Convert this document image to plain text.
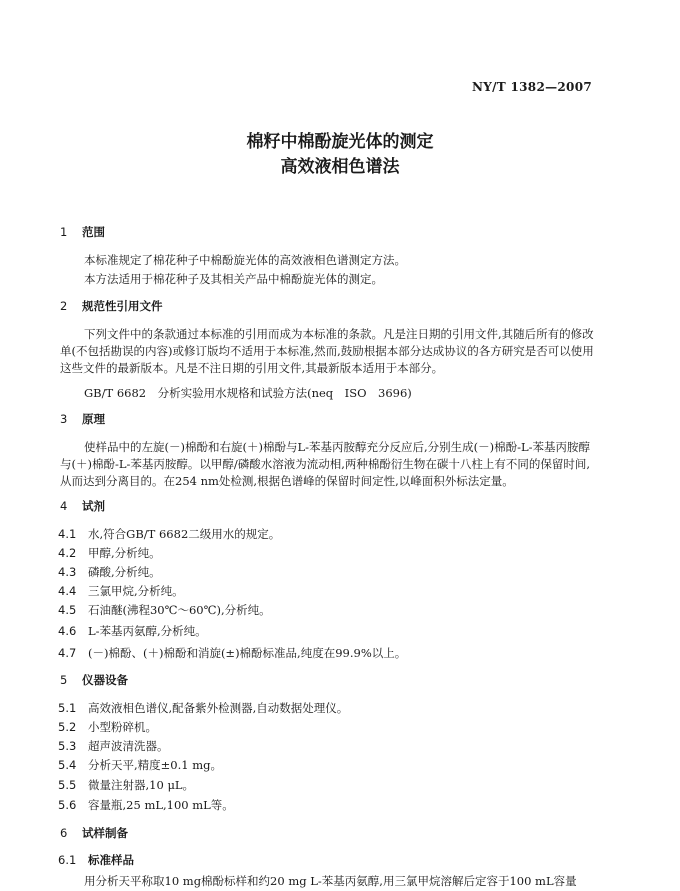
NY/T 1382—2007
棉籽中棉酚旋光体的测定
高效液相色谱法
1 范围
本标准规定了棉花种子中棉酚旋光体的高效液相色谱测定方法。
本方法适用于棉花种子及其相关产品中棉酚旋光体的测定。
2 规范性引用文件
下列文件中的条款通过本标准的引用而成为本标准的条款。凡是注日期的引用文件,其随后所有的修改单(不包括勘误的内容)或修订版均不适用于本标准,然而,鼓励根据本部分达成协议的各方研究是否可以使用这些文件的最新版本。凡是不注日期的引用文件,其最新版本适用于本部分。
GB/T 6682　分析实验用水规格和试验方法(neq　ISO　3696)
3 原理
使样品中的左旋(－)棉酚和右旋(＋)棉酚与L-苯基丙胺醇充分反应后,分别生成(－)棉酚-L-苯基丙胺醇与(＋)棉酚-L-苯基丙胺醇。以甲醇/磷酸水溶液为流动相,两种棉酚衍生物在碳十八柱上有不同的保留时间,从而达到分离目的。在254 nm处检测,根据色谱峰的保留时间定性,以峰面积外标法定量。
4 试剂
4.1 水,符合GB/T 6682二级用水的规定。
4.2 甲醇,分析纯。
4.3 磷酸,分析纯。
4.4 三氯甲烷,分析纯。
4.5 石油醚(沸程30℃～60℃),分析纯。
4.6 L-苯基丙氨醇,分析纯。
4.7 (－)棉酚、(＋)棉酚和消旋(±)棉酚标准品,纯度在99.9%以上。
5 仪器设备
5.1 高效液相色谱仪,配备紫外检测器,自动数据处理仪。
5.2 小型粉碎机。
5.3 超声波清洗器。
5.4 分析天平,精度±0.1 mg。
5.5 微量注射器,10 μL。
5.6 容量瓶,25 mL,100 mL等。
6 试样制备
6.1 标准样品
用分析天平称取10 mg棉酚标样和约20 mg L-苯基丙氨醇,用三氯甲烷溶解后定容于100 mL容量
